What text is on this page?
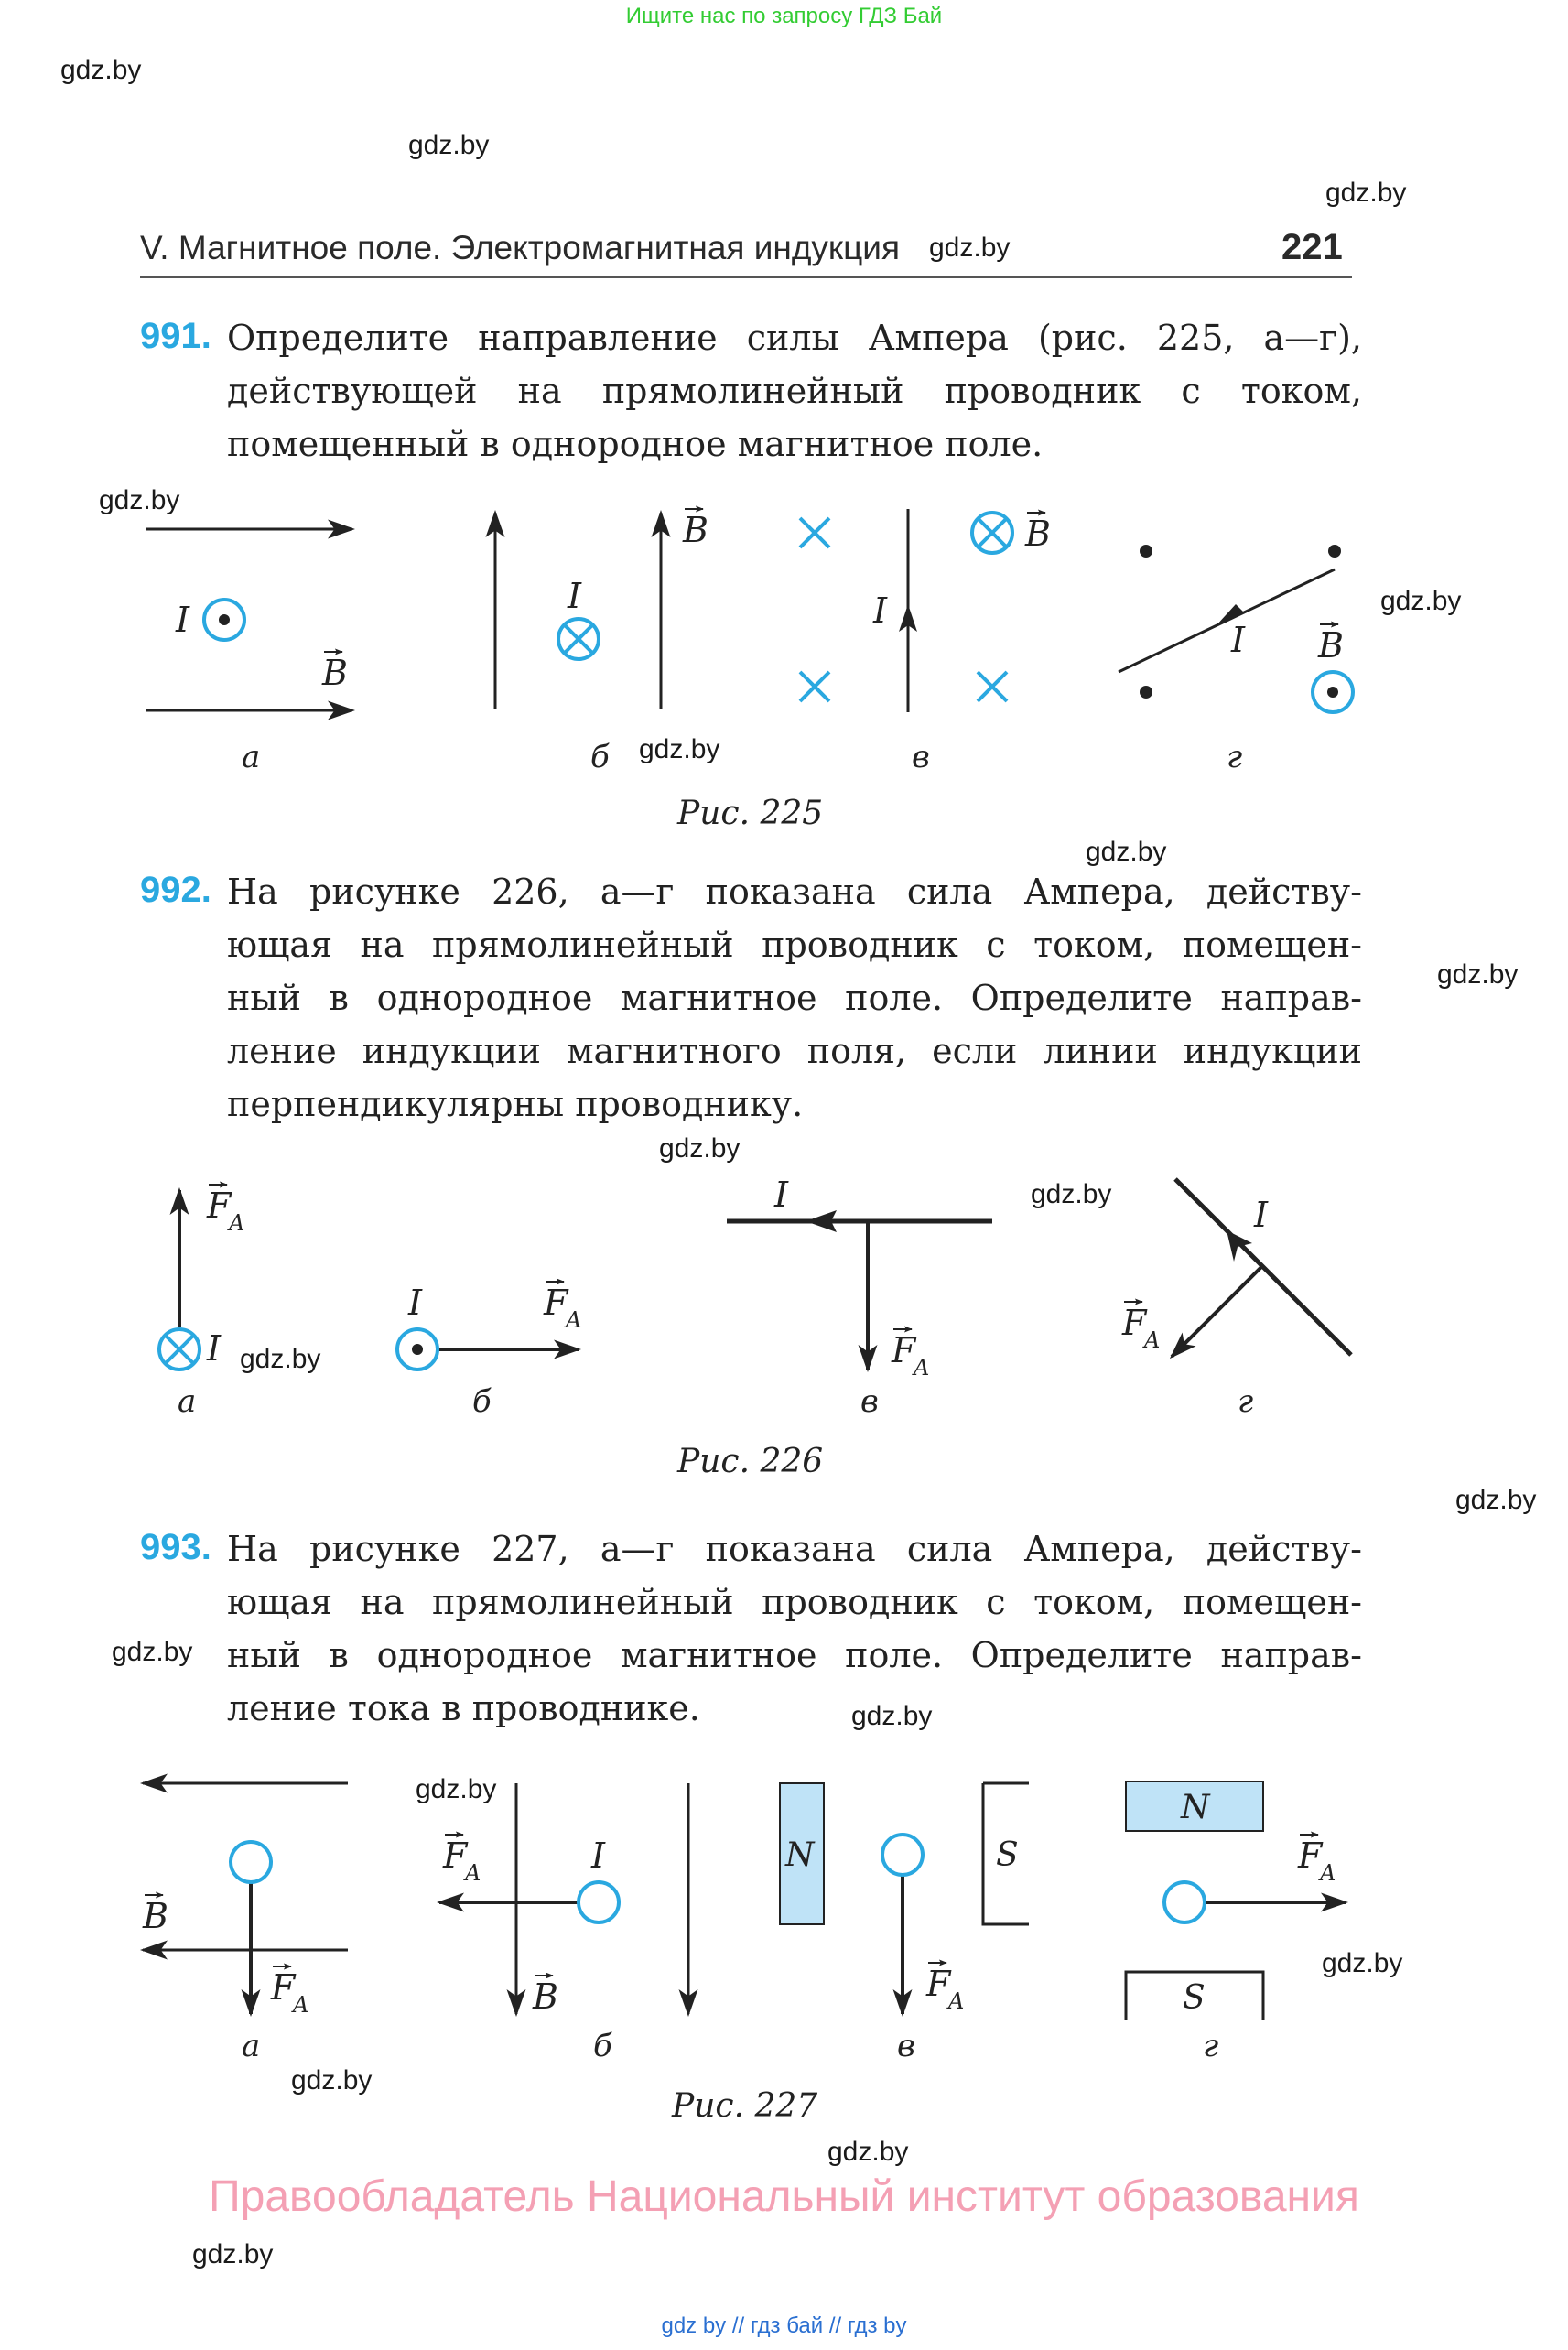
Ищите нас по запросу ГДЗ Бай
gdz.by
gdz.by
gdz.by
gdz.by
gdz.by
gdz.by
gdz.by
gdz.by
gdz.by
gdz.by
gdz.by
gdz.by
gdz.by
gdz.by
gdz.by
gdz.by
gdz.by
gdz.by
gdz.by
gdz.by
V. Магнитное поле. Электромагнитная индукция	221
991. Определите направление силы Ампера (рис. 225, а—г),
действующей на прямолинейный проводник с током,
помещенный в однородное магнитное поле.
I
B
а
I
B
б
I
B
в
I B
г
Рис. 225
992. На рисунке 226, а—г показана сила Ампера, действу-
ющая на прямолинейный проводник с током, помещен-
ный в однородное магнитное поле. Определите направ-
ление индукции магнитного поля, если линии индукции
перпендикулярны проводнику.
I
F
A
а
I	F
A
б
I
F
A
в
I
F
A
г
Рис. 226
993. На рисунке 227, а—г показана сила Ампера, действу-
ющая на прямолинейный проводник с током, помещен-
ный в однородное магнитное поле. Определите направ-
ление тока в проводнике.
B
F
A
а
I
F
A
B
б
N	S
F
A
в
N
S
F
A
г
Рис. 227
Правообладатель Национальный институт образования
gdz by // гдз бай // гдз by
